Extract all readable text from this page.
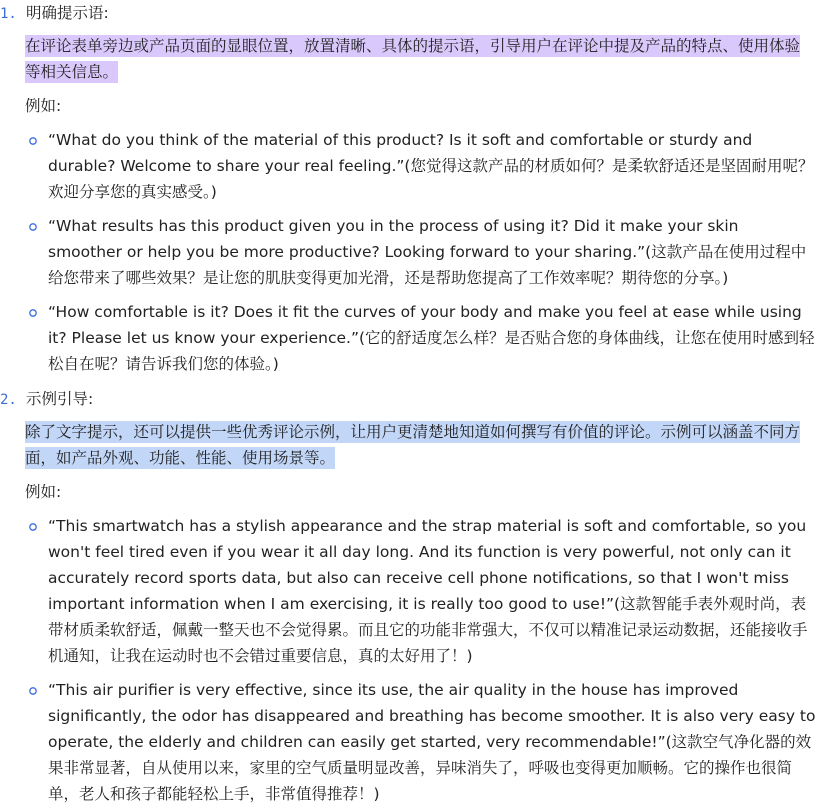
1. 明确提示语:
在评论表单旁边或产品页面的显眼位置，放置清晰、具体的提示语，引导用户在评论中提及产品的特点、使用体验等相关信息。
例如:
“What do you think of the material of this product? Is it soft and comfortable or sturdy and durable? Welcome to share your real feeling.”(您觉得这款产品的材质如何？是柔软舒适还是坚固耐用呢？欢迎分享您的真实感受。)
“What results has this product given you in the process of using it? Did it make your skin smoother or help you be more productive? Looking forward to your sharing.”(这款产品在使用过程中给您带来了哪些效果？是让您的肌肤变得更加光滑，还是帮助您提高了工作效率呢？期待您的分享。)
“How comfortable is it? Does it fit the curves of your body and make you feel at ease while using it? Please let us know your experience.”(它的舒适度怎么样？是否贴合您的身体曲线，让您在使用时感到轻松自在呢？请告诉我们您的体验。)
2. 示例引导:
除了文字提示，还可以提供一些优秀评论示例，让用户更清楚地知道如何撰写有价值的评论。示例可以涵盖不同方面，如产品外观、功能、性能、使用场景等。
例如:
“This smartwatch has a stylish appearance and the strap material is soft and comfortable, so you won't feel tired even if you wear it all day long. And its function is very powerful, not only can it accurately record sports data, but also can receive cell phone notifications, so that I won't miss important information when I am exercising, it is really too good to use!”(这款智能手表外观时尚，表带材质柔软舒适，佩戴一整天也不会觉得累。而且它的功能非常强大，不仅可以精准记录运动数据，还能接收手机通知，让我在运动时也不会错过重要信息，真的太好用了！)
“This air purifier is very effective, since its use, the air quality in the house has improved significantly, the odor has disappeared and breathing has become smoother. It is also very easy to operate, the elderly and children can easily get started, very recommendable!”(这款空气净化器的效果非常显著，自从使用以来，家里的空气质量明显改善，异味消失了，呼吸也变得更加顺畅。它的操作也很简单，老人和孩子都能轻松上手，非常值得推荐！)
